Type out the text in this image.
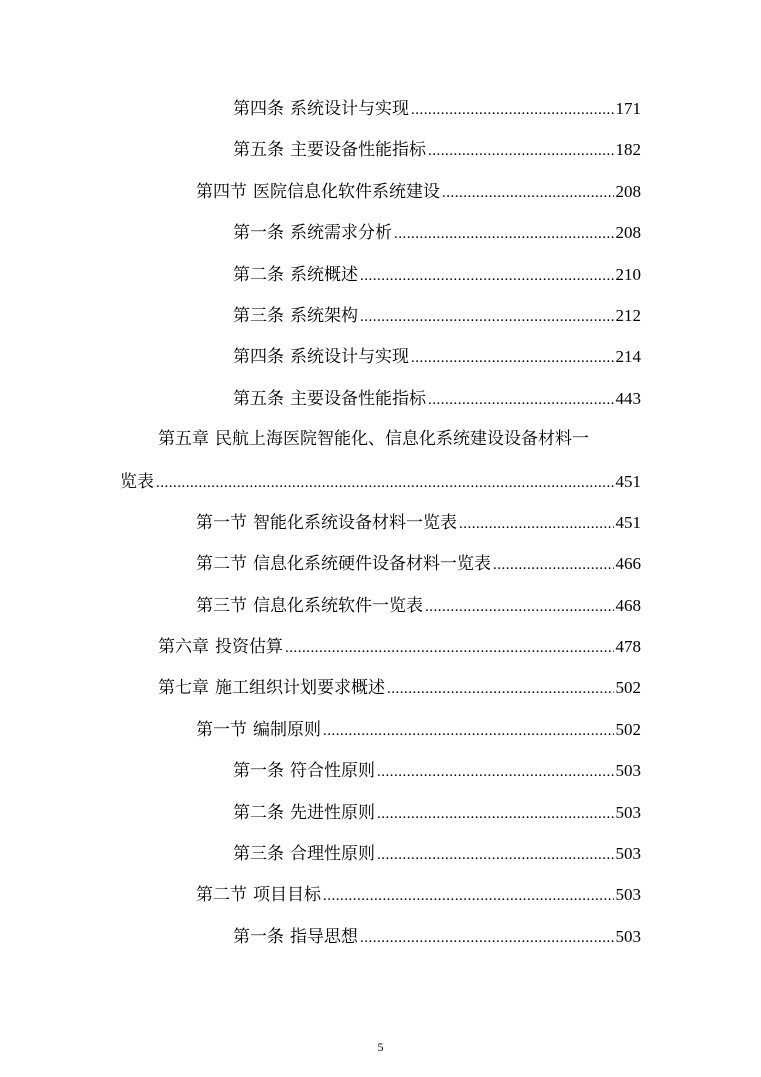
第四条 系统设计与实现 .....	171
第五条 主要设备性能指标 .....	182
第四节 医院信息化软件系统建设 .....	208
第一条 系统需求分析 .....	208
第二条 系统概述 .....	210
第三条 系统架构 .....	212
第四条 系统设计与实现 .....	214
第五条 主要设备性能指标 .....	443
第五章 民航上海医院智能化、信息化系统建设设备材料一
览表 .....	451
第一节 智能化系统设备材料一览表 .....	451
第二节 信息化系统硬件设备材料一览表 .....	466
第三节 信息化系统软件一览表 .....	468
第六章 投资估算 .....	478
第七章 施工组织计划要求概述 .....	502
第一节 编制原则 .....	502
第一条 符合性原则 .....	503
第二条 先进性原则 .....	503
第三条 合理性原则 .....	503
第二节 项目目标 .....	503
第一条 指导思想 .....	503
5
